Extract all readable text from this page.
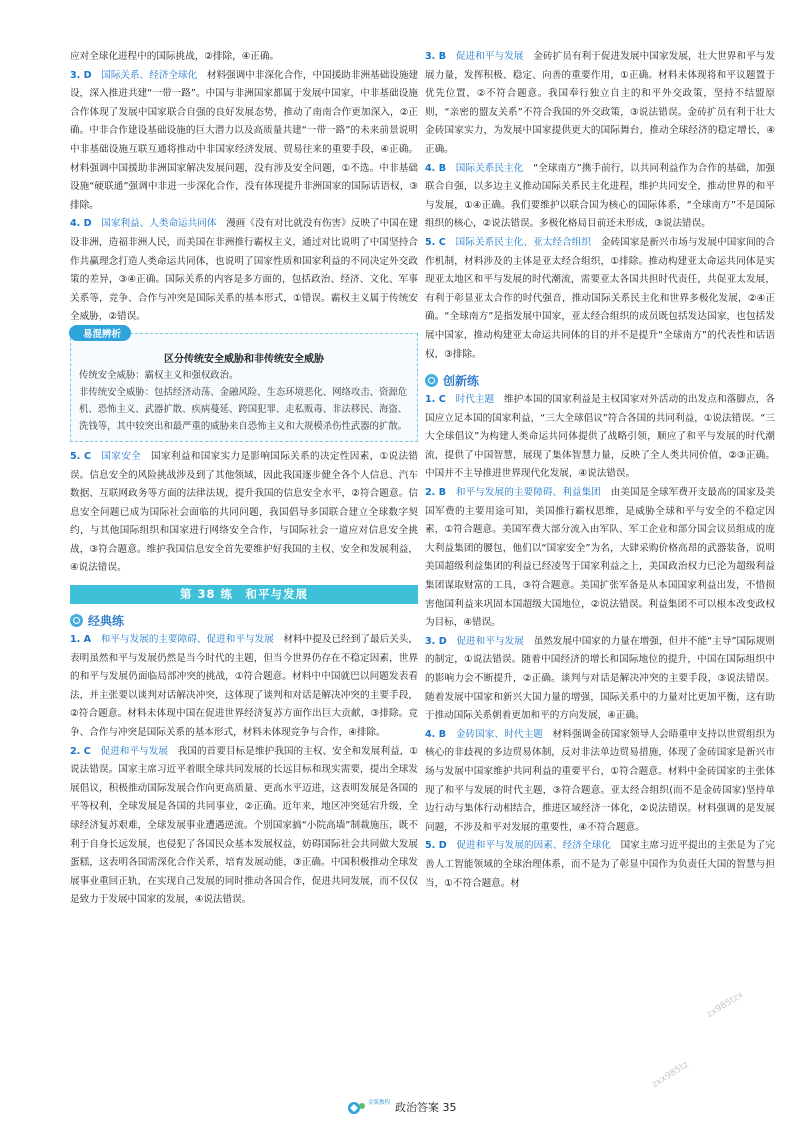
应对全球化进程中的国际挑战，②排除，④正确。

3. D　 国际关系、经济全球化　 材料强调中非深化合作，中国援助非洲基础设施建设，深入推进共建“一带一路”。中国与非洲国家都属于发展中国家，中非基础设施合作体现了发展中国家联合自强的良好发展态势，推动了南南合作更加深入，②正确。中非合作建设基础设施的巨大潜力以及高质量共建“一带一路”的未来前景说明中非基础设施互联互通将推动中非国家经济发展、贸易往来的重要手段，④正确。材料强调中国援助非洲国家解决发展问题，没有涉及安全问题，①不选。中非基础设施“硬联通”强调中非进一步深化合作，没有体现提升非洲国家的国际话语权，③排除。

4. D　 国家利益、人类命运共同体　 漫画《没有对比就没有伤害》反映了中国在建设非洲，造福非洲人民，而美国在非洲推行霸权主义，通过对比说明了中国坚持合作共赢理念打造人类命运共同体，也说明了国家性质和国家利益的不同决定外交政策的差异，③④正确。国际关系的内容是多方面的，包括政治、经济、文化、军事关系等，竞争、合作与冲突是国际关系的基本形式，①错误。霸权主义属于传统安全威胁，②错误。

易混辨析

区分传统安全威胁和非传统安全威胁

传统安全威胁：霸权主义和强权政治。

非传统安全威胁：包括经济动荡、金融风险、生态环境恶化、网络攻击、资源危机、恐怖主义、武器扩散、疾病蔓延、跨国犯罪、走私贩毒、非法移民、海盗、洗钱等，其中较突出和最严重的威胁来自恐怖主义和大规模杀伤性武器的扩散。

5. C　 国家安全　 国家利益和国家实力是影响国际关系的决定性因素，①说法错误。信息安全的风险挑战涉及到了其他领域，因此我国逐步健全各个人信息、汽车数据、互联网政务等方面的法律法规，提升我国的信息安全水平，②符合题意。信息安全问题已成为国际社会面临的共同问题，我国倡导多国联合建立全球数字契约，与其他国际组织和国家进行网络安全合作，与国际社会一道应对信息安全挑战，③符合题意。维护我国信息安全首先要维护好我国的主权、安全和发展利益，④说法错误。

第 38 练　和平与发展
经典练

1. A　 和平与发展的主要障碍、促进和平与发展　 材料中提及已经到了最后关头，表明虽然和平与发展仍然是当今时代的主题，但当今世界仍存在不稳定因素，世界的和平与发展仍面临局部冲突的挑战，①符合题意。材料中中国就巴以问题发表看法，并主张要以谈判对话解决冲突，这体现了谈判和对话是解决冲突的主要手段，②符合题意。材料未体现中国在促进世界经济复苏方面作出巨大贡献，③排除。竞争、合作与冲突是国际关系的基本形式，材料未体现竞争与合作，④排除。

2. C　 促进和平与发展　 我国的首要目标是维护我国的主权、安全和发展利益，①说法错误。国家主席习近平着眼全球共同发展的长远目标和现实需要，提出全球发展倡议，积极推动国际发展合作向更高质量、更高水平迈进，这表明发展是各国的平等权利，全球发展是各国的共同事业，②正确。近年来，地区冲突延宕升级，全球经济复苏艰难，全球发展事业遭遇逆流。个别国家搞“小院高墙”制裁施压，既不利于自身长远发展，也侵犯了各国民众基本发展权益，妨碍国际社会共同做大发展蛋糕，这表明各国需深化合作关系，培育发展动能，③正确。中国积极推动全球发展事业重回正轨，在实现自己发展的同时推动各国合作，促进共同发展，而不仅仅是致力于发展中国家的发展，④说法错误。

3. B　 促进和平与发展　 金砖扩员有利于促进发展中国家发展，壮大世界和平与发展力量，发挥积极、稳定、向善的重要作用，①正确。材料未体现将和平议题置于优先位置，②不符合题意。我国奉行独立自主的和平外交政策，坚持不结盟原则，“亲密的盟友关系”不符合我国的外交政策，③说法错误。金砖扩员有利于壮大金砖国家实力，为发展中国家提供更大的国际舞台，推动全球经济的稳定增长，④正确。

4. B　 国际关系民主化　 “全球南方”携手前行，以共同利益作为合作的基础，加强联合自强，以多边主义推动国际关系民主化进程，维护共同安全，推动世界的和平与发展，①④正确。我们要维护以联合国为核心的国际体系，“全球南方”不是国际组织的核心，②说法错误。多极化格局目前还未形成，③说法错误。

5. C　 国际关系民主化、亚太经合组织　 金砖国家是新兴市场与发展中国家间的合作机制，材料涉及的主体是亚太经合组织，①排除。推动构建亚太命运共同体是实现亚太地区和平与发展的时代潮流，需要亚太各国共担时代责任，共促亚太发展，有利于彰显亚太合作的时代强音，推动国际关系民主化和世界多极化发展，②④正确。“全球南方”是指发展中国家，亚太经合组织的成员既包括发达国家，也包括发展中国家，推动构建亚太命运共同体的目的并不是提升“全球南方”的代表性和话语权，③排除。

创新练

1. C　 时代主题　 维护本国的国家利益是主权国家对外活动的出发点和落脚点，各国应立足本国的国家利益，“三大全球倡议”符合各国的共同利益，①说法错误。“三大全球倡议”为构建人类命运共同体提供了战略引领，顺应了和平与发展的时代潮流，提供了中国智慧，展现了集体智慧力量，反映了全人类共同价值，②③正确。中国并不主导推进世界现代化发展，④说法错误。

2. B　 和平与发展的主要障碍、利益集团　 由美国是全球军费开支最高的国家及美国军费的主要用途可知，美国推行霸权思维，是威胁全球和平与安全的不稳定因素，①符合题意。美国军费大部分流入由军队、军工企业和部分国会议员组成的庞大利益集团的腰包，他们以“国家安全”为名，大肆采购价格高昂的武器装备，说明美国超级利益集团的利益已经凌驾于国家利益之上，美国政治权力已沦为超级利益集团谋取财富的工具，③符合题意。美国扩张军备是从本国国家利益出发，不惜损害他国利益来巩固本国超级大国地位，②说法错误。利益集团不可以根本改变政权为目标，④错误。

3. D　 促进和平与发展　 虽然发展中国家的力量在增强，但并不能“主导”国际规则的制定，①说法错误。随着中国经济的增长和国际地位的提升，中国在国际组织中的影响力会不断提升，②正确。谈判与对话是解决冲突的主要手段，③说法错误。随着发展中国家和新兴大国力量的增强，国际关系中的力量对比更加平衡，这有助于推动国际关系朝着更加和平的方向发展，④正确。

4. B　 金砖国家、时代主题　 材料强调金砖国家领导人会晤重申支持以世贸组织为核心的非歧视的多边贸易体制，反对非法单边贸易措施，体现了金砖国家是新兴市场与发展中国家维护共同利益的重要平台，①符合题意。材料中金砖国家的主张体现了和平与发展的时代主题，③符合题意。亚太经合组织(而不是金砖国家)坚持单边行动与集体行动相结合，推进区域经济一体化，②说法错误。材料强调的是发展问题，不涉及和平对发展的重要性，④不符合题意。

5. D　 促进和平与发展的因素、经济全球化　 国家主席习近平提出的主张是为了完善人工智能领域的全球治理体系，而不是为了彰显中国作为负责任大国的智慧与担当，①不符合题意。材

zx985tzx
zxx985tz
金版教程 政治答案 35
